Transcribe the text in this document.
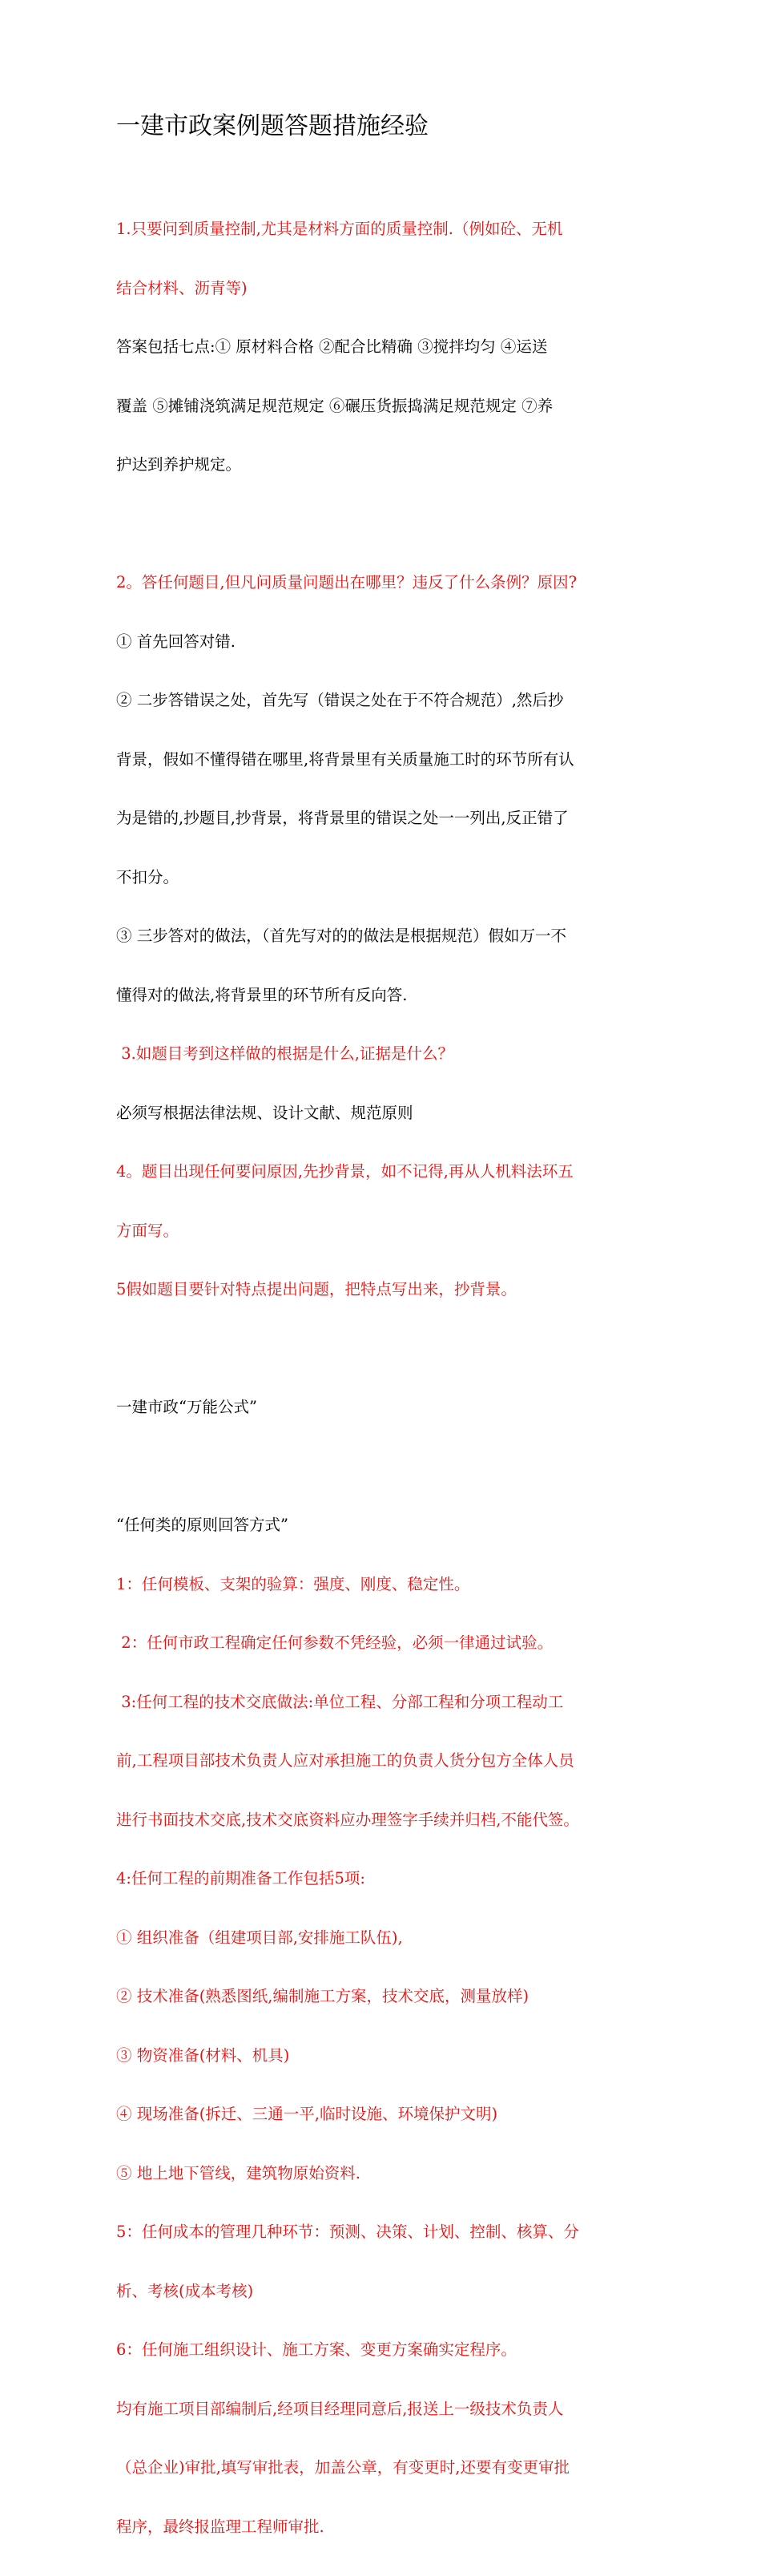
一建市政案例题答题措施经验

1.只要问到质量控制,尤其是材料方面的质量控制.（例如砼、无机

结合材料、沥青等)

答案包括七点:① 原材料合格 ②配合比精确 ③搅拌均匀 ④运送

覆盖 ⑤摊铺浇筑满足规范规定 ⑥碾压货振捣满足规范规定 ⑦养

护达到养护规定。

2。答任何题目,但凡问质量问题出在哪里？违反了什么条例？原因?

① 首先回答对错.

② 二步答错误之处，首先写（错误之处在于不符合规范）,然后抄

背景，假如不懂得错在哪里,将背景里有关质量施工时的环节所有认

为是错的,抄题目,抄背景，将背景里的错误之处一一列出,反正错了

不扣分。

③ 三步答对的做法，（首先写对的的做法是根据规范）假如万一不

懂得对的做法,将背景里的环节所有反向答.

3.如题目考到这样做的根据是什么,证据是什么？

必须写根据法律法规、设计文献、规范原则

4。题目出现任何要问原因,先抄背景，如不记得,再从人机料法环五

方面写。

5假如题目要针对特点提出问题，把特点写出来，抄背景。

一建市政“万能公式”

“任何类的原则回答方式”

1：任何模板、支架的验算：强度、刚度、稳定性。

2：任何市政工程确定任何参数不凭经验，必须一律通过试验。

3:任何工程的技术交底做法:单位工程、分部工程和分项工程动工

前,工程项目部技术负责人应对承担施工的负责人货分包方全体人员

进行书面技术交底,技术交底资料应办理签字手续并归档,不能代签。

4:任何工程的前期准备工作包括5项:

① 组织准备（组建项目部,安排施工队伍),

② 技术准备(熟悉图纸,编制施工方案，技术交底，测量放样)

③ 物资准备(材料、机具)

④ 现场准备(拆迁、三通一平,临时设施、环境保护文明)

⑤ 地上地下管线，建筑物原始资料.

5：任何成本的管理几种环节：预测、决策、计划、控制、核算、分

析、考核(成本考核)

6：任何施工组织设计、施工方案、变更方案确实定程序。

均有施工项目部编制后,经项目经理同意后,报送上一级技术负责人

（总企业)审批,填写审批表，加盖公章，有变更时,还要有变更审批

程序，最终报监理工程师审批.
